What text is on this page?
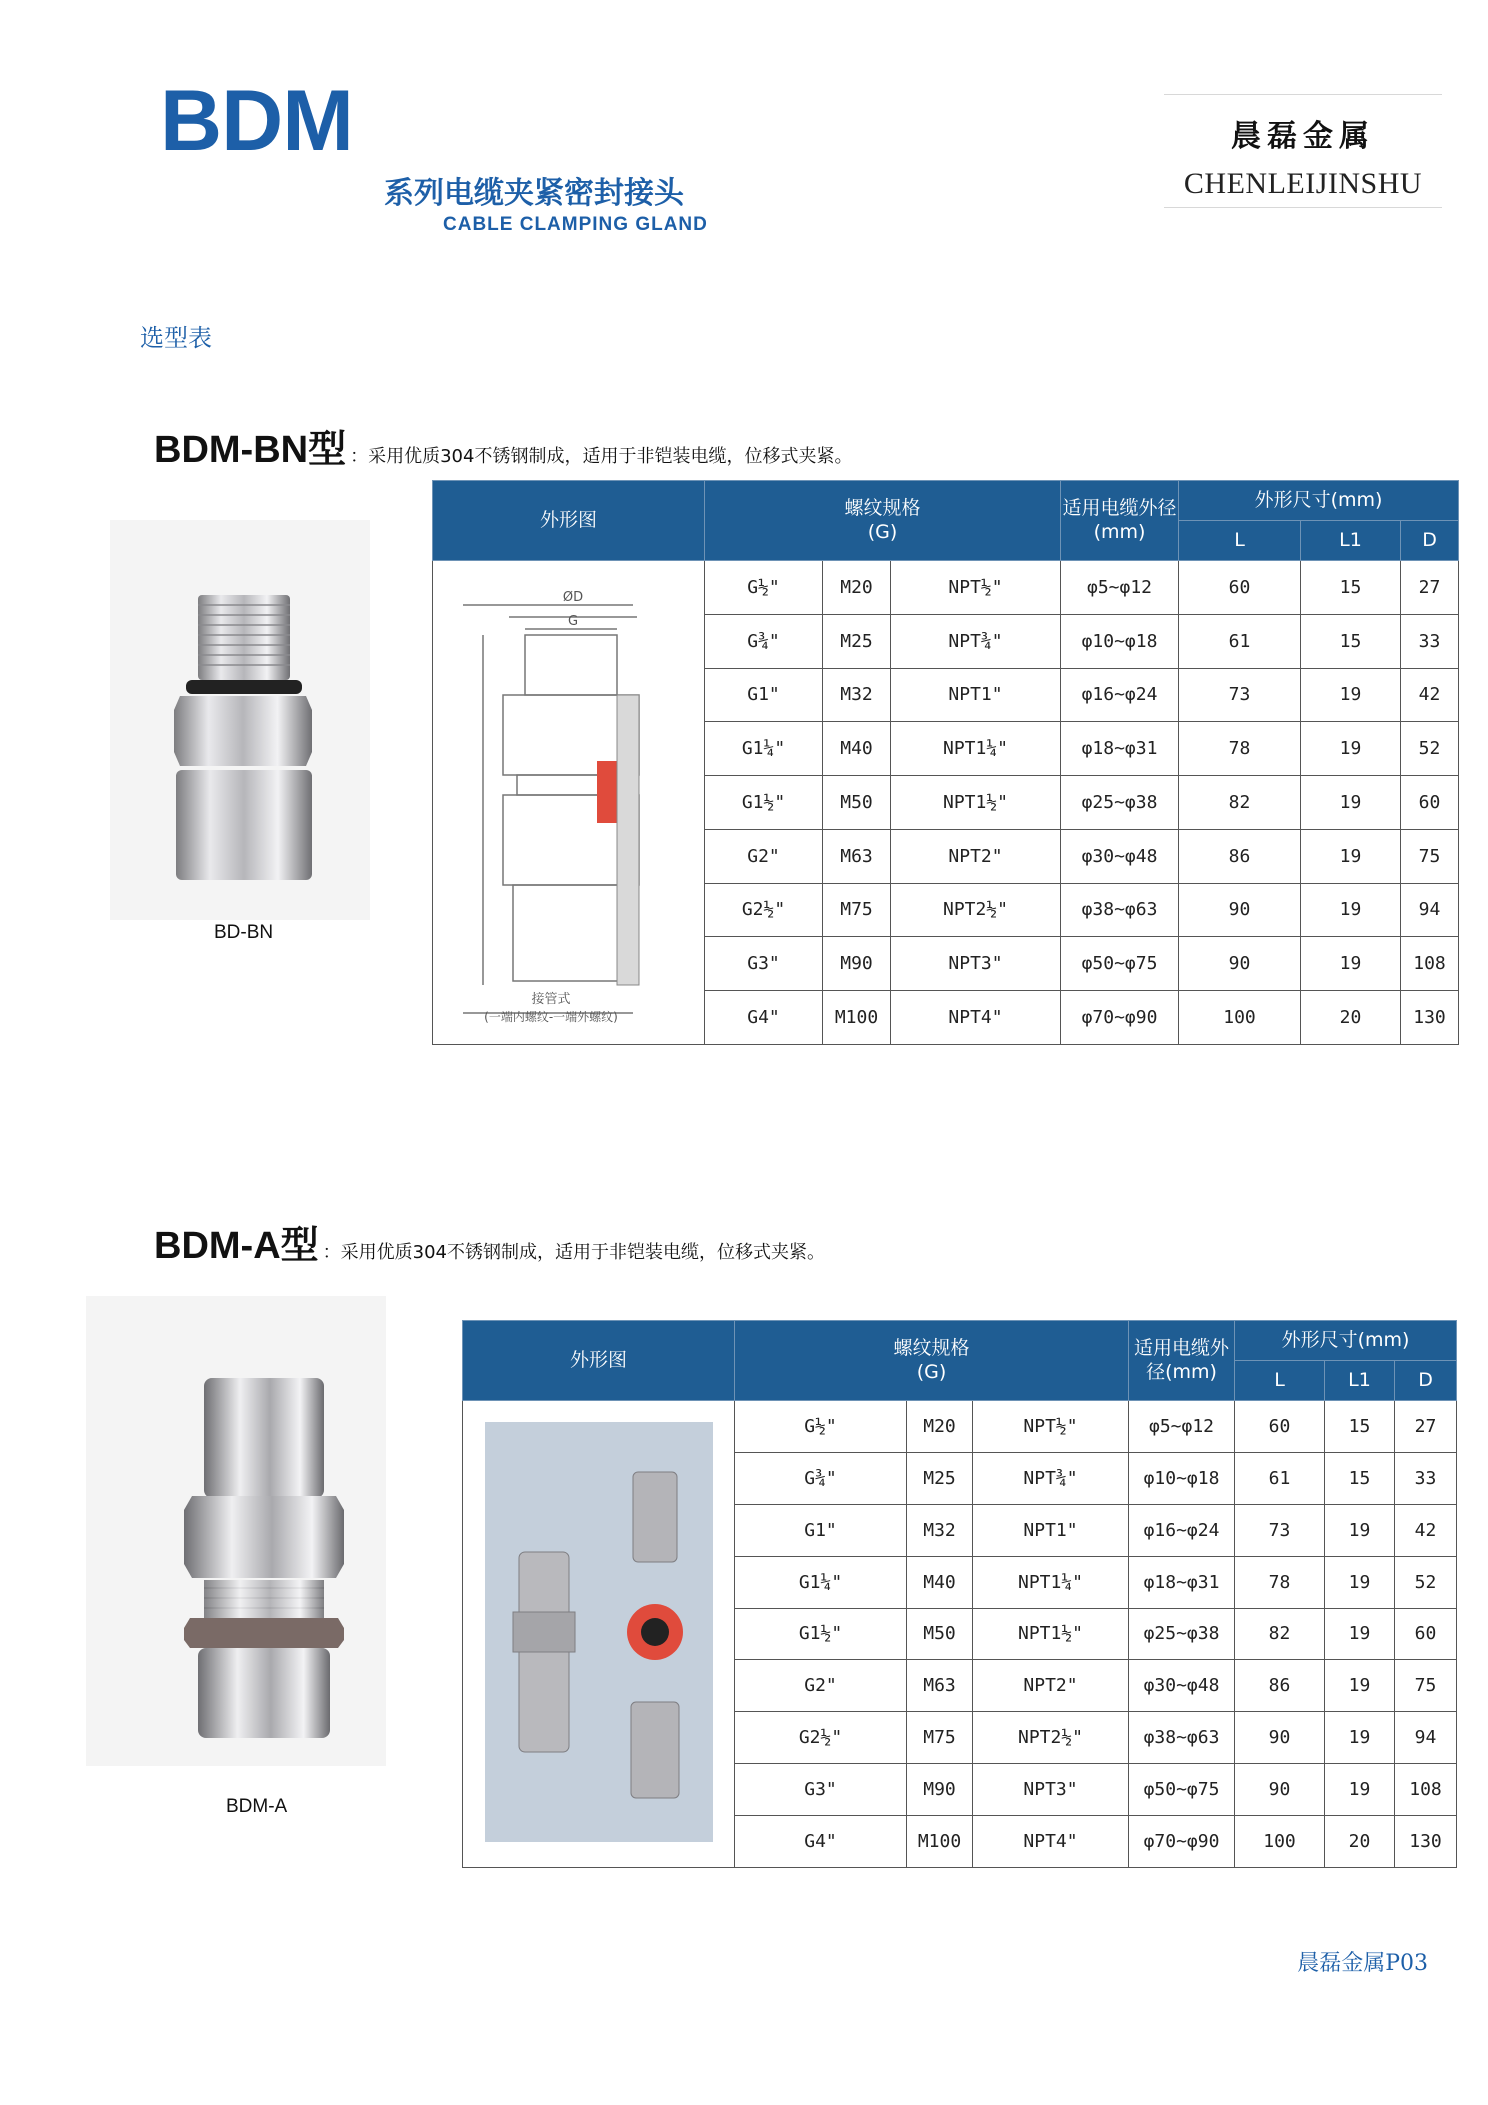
BDM
系列电缆夹紧密封接头
CABLE CLAMPING GLAND
晨磊金属
CHENLEIJINSHU
选型表
BDM-BN型 ：采用优质304不锈钢制成，适用于非铠装电缆，位移式夹紧。
BD-BN
外形图	螺纹规格
(G)			适用电缆外径(mm)	外形尺寸(mm)		
					L	L1	D

ØD
G
接管式
(一端内螺纹-一端外螺纹)	G½"	M20	NPT½"	φ5~φ12	60	15	27
	G¾"	M25	NPT¾"	φ10~φ18	61	15	33
	G1"	M32	NPT1"	φ16~φ24	73	19	42
	G1¼"	M40	NPT1¼"	φ18~φ31	78	19	52
	G1½"	M50	NPT1½"	φ25~φ38	82	19	60
	G2"	M63	NPT2"	φ30~φ48	86	19	75
	G2½"	M75	NPT2½"	φ38~φ63	90	19	94
	G3"	M90	NPT3"	φ50~φ75	90	19	108
	G4"	M100	NPT4"	φ70~φ90	100	20	130
BDM-A型 ：采用优质304不锈钢制成，适用于非铠装电缆，位移式夹紧。
BDM-A
外形图	螺纹规格
(G)			适用电缆外径(mm)	外形尺寸(mm)		
					L	L1	D
	G½"	M20	NPT½"	φ5~φ12	60	15	27
	G¾"	M25	NPT¾"	φ10~φ18	61	15	33
	G1"	M32	NPT1"	φ16~φ24	73	19	42
	G1¼"	M40	NPT1¼"	φ18~φ31	78	19	52
	G1½"	M50	NPT1½"	φ25~φ38	82	19	60
	G2"	M63	NPT2"	φ30~φ48	86	19	75
	G2½"	M75	NPT2½"	φ38~φ63	90	19	94
	G3"	M90	NPT3"	φ50~φ75	90	19	108
	G4"	M100	NPT4"	φ70~φ90	100	20	130
晨磊金属P03
